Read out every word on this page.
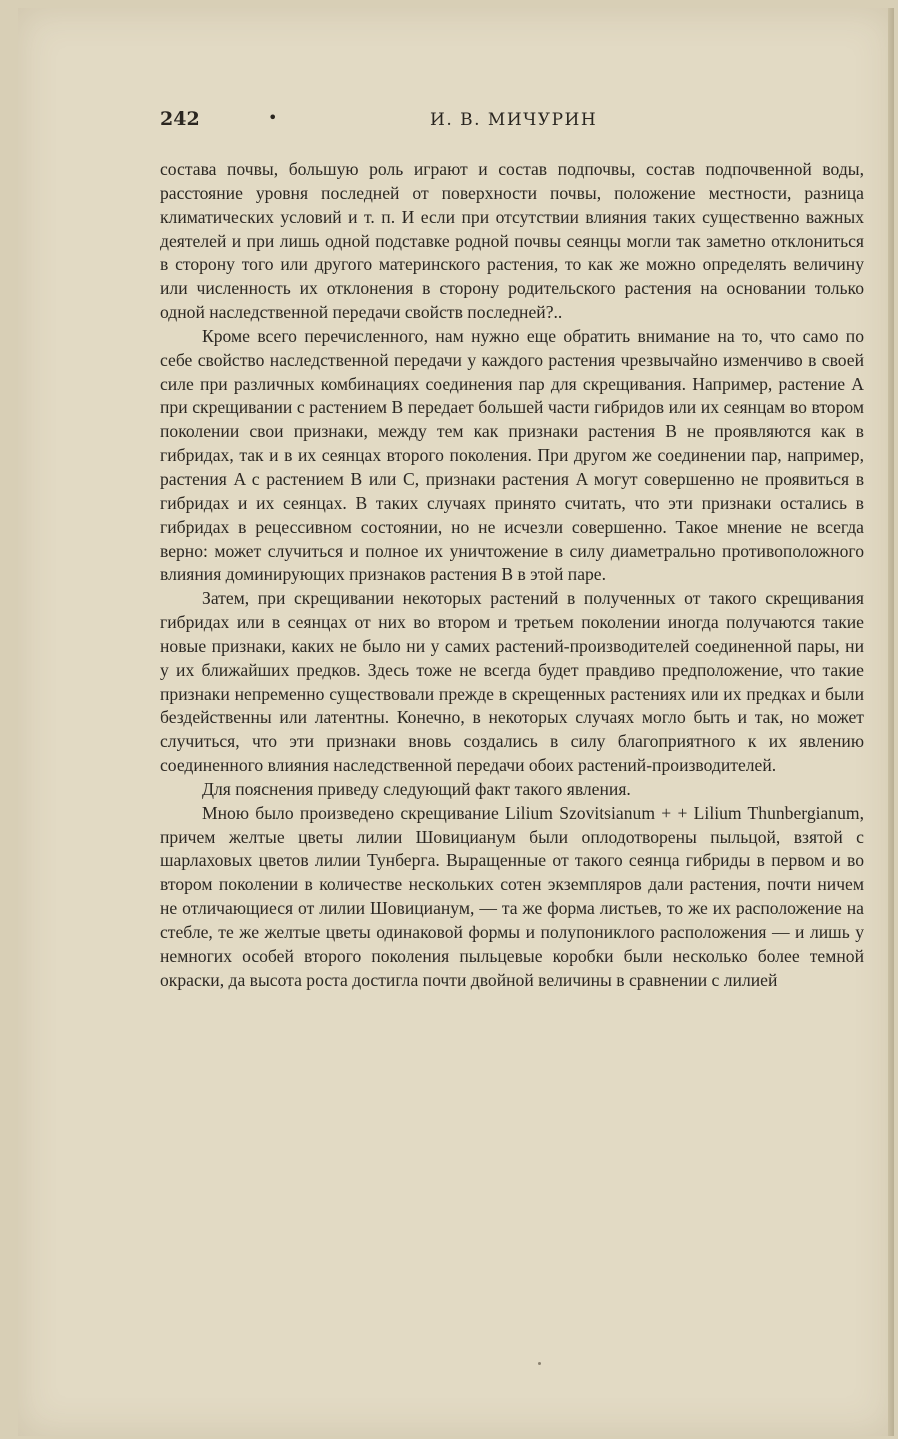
242	•	И. В. МИЧУРИН

состава почвы, большую роль играют и состав подпочвы, состав подпочвенной воды, расстояние уровня последней от поверхности почвы, положение местности, разница климатических условий и т. п. И если при отсутствии влияния таких существенно важных деятелей и при лишь одной подставке родной почвы сеянцы могли так заметно отклониться в сторону того или другого материнского растения, то как же можно определять величину или численность их отклонения в сторону родительского растения на основании только одной наследственной передачи свойств последней?..

Кроме всего перечисленного, нам нужно еще обратить внимание на то, что само по себе свойство наследственной передачи у каждого растения чрезвычайно изменчиво в своей силе при различных комбинациях соединения пар для скрещивания. Например, растение A при скрещивании с растением B передает большей части гибридов или их сеянцам во втором поколении свои признаки, между тем как признаки растения B не проявляются как в гибридах, так и в их сеянцах второго поколения. При другом же соединении пар, например, растения A с растением B или C, признаки растения A могут совершенно не проявиться в гибридах и их сеянцах. В таких случаях принято считать, что эти признаки остались в гибридах в рецессивном состоянии, но не исчезли совершенно. Такое мнение не всегда верно: может случиться и полное их уничтожение в силу диаметрально противоположного влияния доминирующих признаков растения B в этой паре.

Затем, при скрещивании некоторых растений в полученных от такого скрещивания гибридах или в сеянцах от них во втором и третьем поколении иногда получаются такие новые признаки, каких не было ни у самих растений-производителей соединенной пары, ни у их ближайших предков. Здесь тоже не всегда будет правдиво предположение, что такие признаки непременно существовали прежде в скрещенных растениях или их предках и были бездейственны или латентны. Конечно, в некоторых случаях могло быть и так, но может случиться, что эти признаки вновь создались в силу благоприятного к их явлению соединенного влияния наследственной передачи обоих растений-производителей.

Для пояснения приведу следующий факт такого явления.

Мною было произведено скрещивание Lilium Szovitsianum + + Lilium Thunbergianum, причем желтые цветы лилии Шовицианум были оплодотворены пыльцой, взятой с шарлаховых цветов лилии Тунберга. Выращенные от такого сеянца гибриды в первом и во втором поколении в количестве нескольких сотен экземпляров дали растения, почти ничем не отличающиеся от лилии Шовицианум, — та же форма листьев, то же их расположение на стебле, те же желтые цветы одинаковой формы и полупониклого расположения — и лишь у немногих особей второго поколения пыльцевые коробки были несколько более темной окраски, да высота роста достигла почти двойной величины в сравнении с лилией
